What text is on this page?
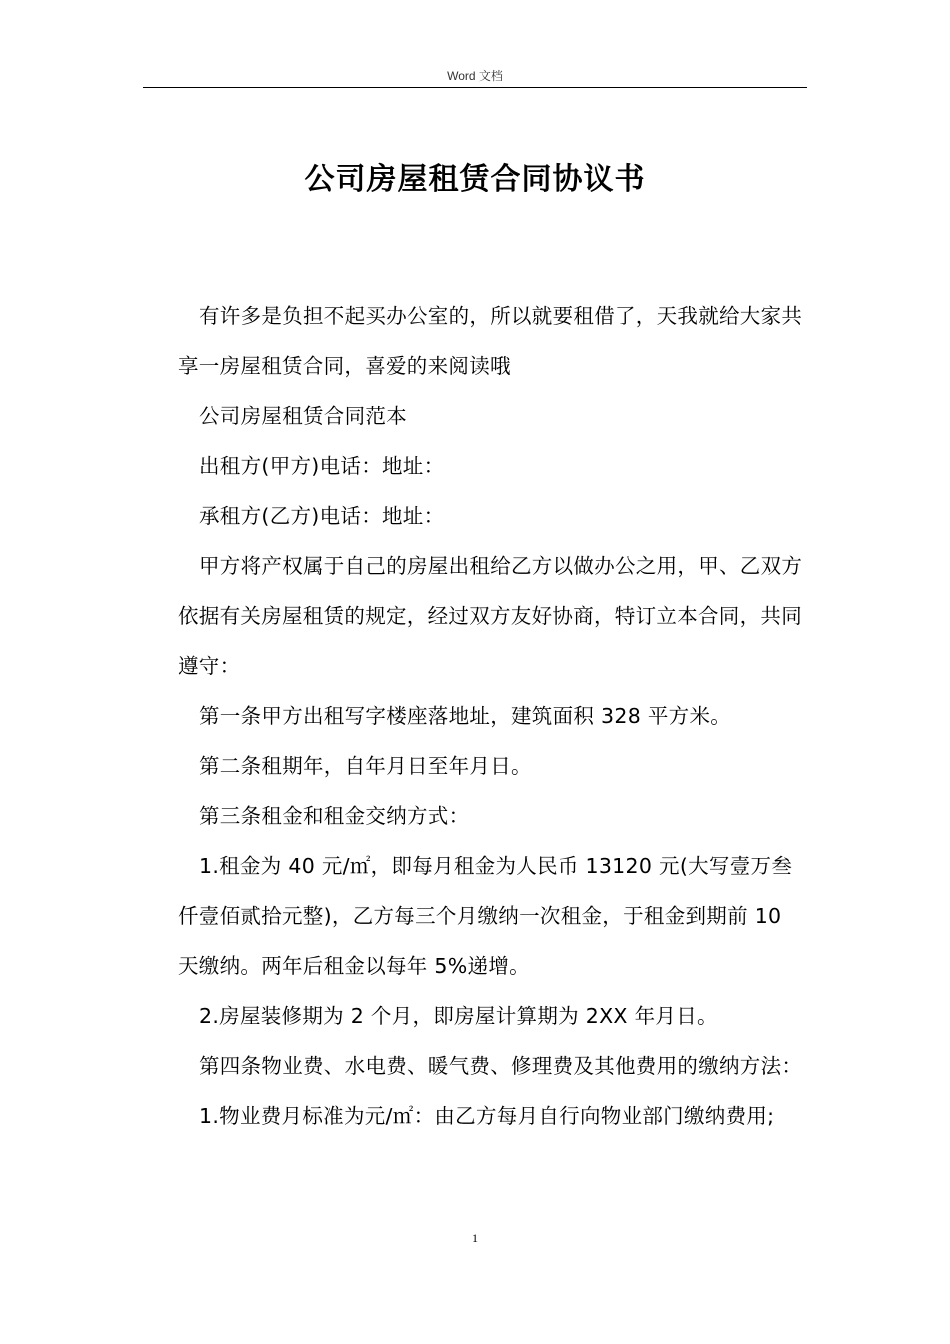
Word 文档
公司房屋租赁合同协议书

有许多是负担不起买办公室的，所以就要租借了，天我就给大家共享一房屋租赁合同，喜爱的来阅读哦

公司房屋租赁合同范本

出租方(甲方)电话：地址：

承租方(乙方)电话：地址：

甲方将产权属于自己的房屋出租给乙方以做办公之用，甲、乙双方依据有关房屋租赁的规定，经过双方友好协商，特订立本合同，共同遵守：

第一条甲方出租写字楼座落地址，建筑面积 328 平方米。

第二条租期年，自年月日至年月日。

第三条租金和租金交纳方式：

1.租金为 40 元/㎡，即每月租金为人民币 13120 元(大写壹万叁仟壹佰贰拾元整)，乙方每三个月缴纳一次租金，于租金到期前 10 天缴纳。两年后租金以每年 5%递增。

2.房屋装修期为 2 个月，即房屋计算期为 2XX 年月日。

第四条物业费、水电费、暖气费、修理费及其他费用的缴纳方法：

1.物业费月标准为元/㎡：由乙方每月自行向物业部门缴纳费用;

1
